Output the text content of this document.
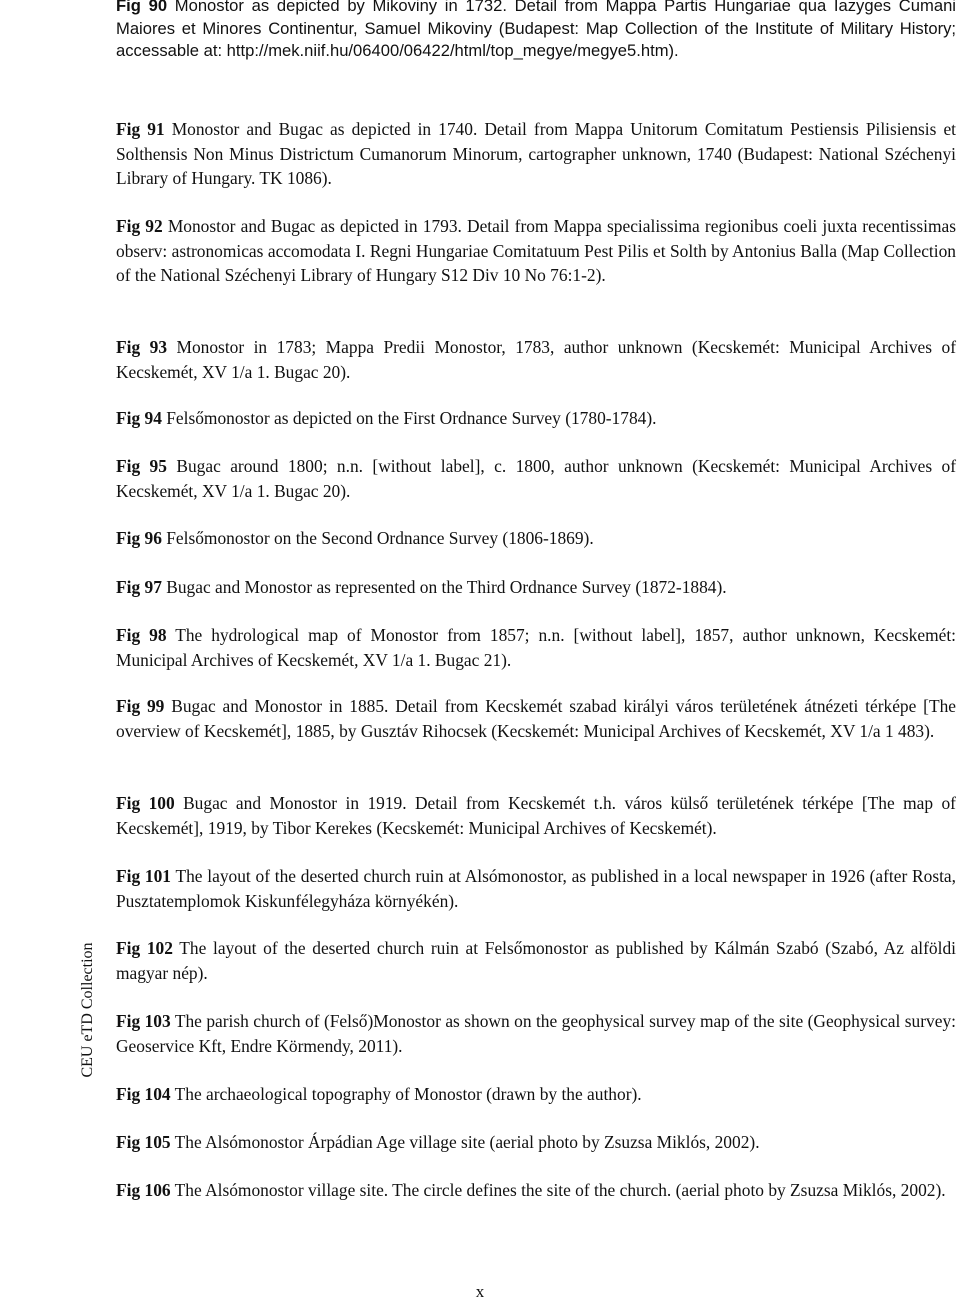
Fig 90 Monostor as depicted by Mikoviny in 1732. Detail from Mappa Partis Hungariae qua Iazyges Cumani Maiores et Minores Continentur, Samuel Mikoviny (Budapest: Map Collection of the Institute of Military History; accessable at: http://mek.niif.hu/06400/06422/html/top_megye/megye5.htm).

Fig 91 Monostor and Bugac as depicted in 1740. Detail from Mappa Unitorum Comitatum Pestiensis Pilisiensis et Solthensis Non Minus Districtum Cumanorum Minorum, cartographer unknown, 1740 (Budapest: National Széchenyi Library of Hungary. TK 1086).

Fig 92 Monostor and Bugac as depicted in 1793. Detail from Mappa specialissima regionibus coeli juxta recentissimas observ: astronomicas accomodata I. Regni Hungariae Comitatuum Pest Pilis et Solth by Antonius Balla (Map Collection of the National Széchenyi Library of Hungary S12 Div 10 No 76:1-2).

Fig 93 Monostor in 1783; Mappa Predii Monostor, 1783, author unknown (Kecskemét: Municipal Archives of Kecskemét, XV 1/a 1. Bugac 20).

Fig 94 Felsőmonostor as depicted on the First Ordnance Survey (1780-1784).

Fig 95 Bugac around 1800; n.n. [without label], c. 1800, author unknown (Kecskemét: Municipal Archives of Kecskemét, XV 1/a 1. Bugac 20).

Fig 96 Felsőmonostor on the Second Ordnance Survey (1806-1869).

Fig 97 Bugac and Monostor as represented on the Third Ordnance Survey (1872-1884).

Fig 98 The hydrological map of Monostor from 1857; n.n. [without label], 1857, author unknown, Kecskemét: Municipal Archives of Kecskemét, XV 1/a 1. Bugac 21).

Fig 99 Bugac and Monostor in 1885. Detail from Kecskemét szabad királyi város területének átnézeti térképe [The overview of Kecskemét], 1885, by Gusztáv Rihocsek (Kecskemét: Municipal Archives of Kecskemét, XV 1/a 1 483).

Fig 100 Bugac and Monostor in 1919. Detail from Kecskemét t.h. város külső területének térképe [The map of Kecskemét], 1919, by Tibor Kerekes (Kecskemét: Municipal Archives of Kecskemét).

Fig 101 The layout of the deserted church ruin at Alsómonostor, as published in a local newspaper in 1926 (after Rosta, Pusztatemplomok Kiskunfélegyháza környékén).

Fig 102 The layout of the deserted church ruin at Felsőmonostor as published by Kálmán Szabó (Szabó, Az alföldi magyar nép).

Fig 103 The parish church of (Felső)Monostor as shown on the geophysical survey map of the site (Geophysical survey: Geoservice Kft, Endre Körmendy, 2011).

Fig 104 The archaeological topography of Monostor (drawn by the author).

Fig 105 The Alsómonostor Árpádian Age village site (aerial photo by Zsuzsa Miklós, 2002).

Fig 106 The Alsómonostor village site. The circle defines the site of the church. (aerial photo by Zsuzsa Miklós, 2002).

CEU eTD Collection
x
